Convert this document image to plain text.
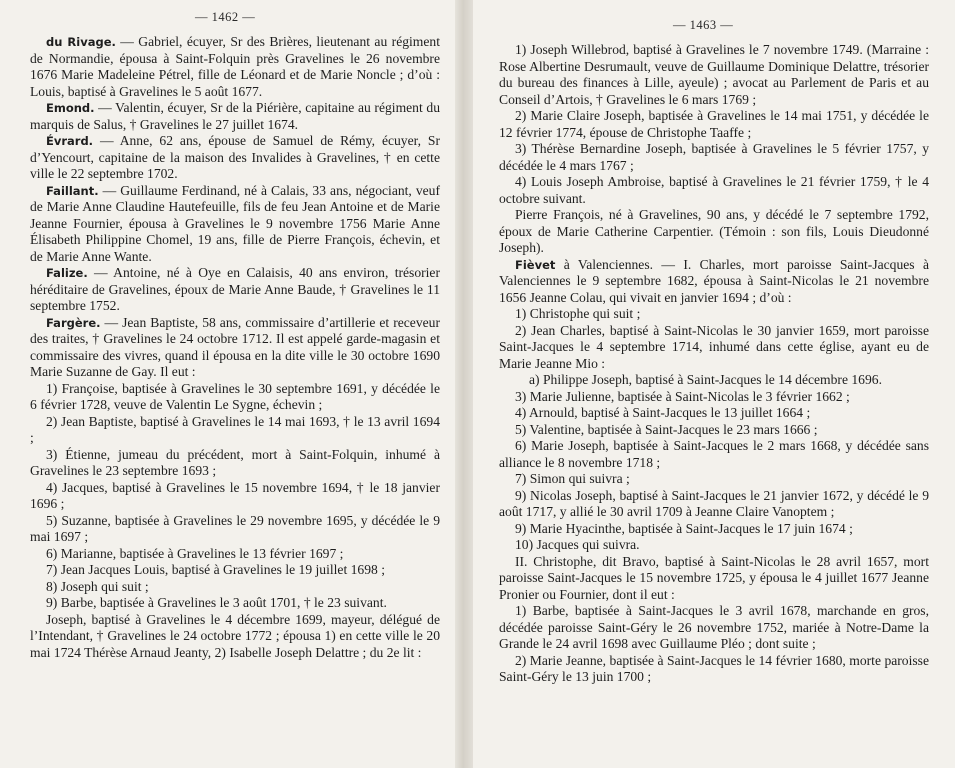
— 1462 —

du Rivage. — Gabriel, écuyer, Sr des Brières, lieutenant au régiment de Normandie, épousa à Saint-Folquin près Gravelines le 26 novembre 1676 Marie Madeleine Pétrel, fille de Léonard et de Marie Noncle ; d’où : Louis, baptisé à Gravelines le 5 août 1677.

Emond. — Valentin, écuyer, Sr de la Piérière, capitaine au régiment du marquis de Salus, † Gravelines le 27 juillet 1674.

Évrard. — Anne, 62 ans, épouse de Samuel de Rémy, écuyer, Sr d’Yencourt, capitaine de la maison des Invalides à Gravelines, † en cette ville le 22 septembre 1702.

Faillant. — Guillaume Ferdinand, né à Calais, 33 ans, négociant, veuf de Marie Anne Claudine Hautefeuille, fils de feu Jean Antoine et de Marie Jeanne Fournier, épousa à Gravelines le 9 novembre 1756 Marie Anne Élisabeth Philippine Chomel, 19 ans, fille de Pierre François, échevin, et de Marie Anne Wante.

Falize. — Antoine, né à Oye en Calaisis, 40 ans environ, trésorier héréditaire de Gravelines, époux de Marie Anne Baude, † Gravelines le 11 septembre 1752.

Fargère. — Jean Baptiste, 58 ans, commissaire d’artillerie et receveur des traites, † Gravelines le 24 octobre 1712. Il est appelé garde-magasin et commissaire des vivres, quand il épousa en la dite ville le 30 octobre 1690 Marie Suzanne de Gay. Il eut :

1) Françoise, baptisée à Gravelines le 30 septembre 1691, y décédée le 6 février 1728, veuve de Valentin Le Sygne, échevin ;

2) Jean Baptiste, baptisé à Gravelines le 14 mai 1693, † le 13 avril 1694 ;

3) Étienne, jumeau du précédent, mort à Saint-Folquin, inhumé à Gravelines le 23 septembre 1693 ;

4) Jacques, baptisé à Gravelines le 15 novembre 1694, † le 18 janvier 1696 ;

5) Suzanne, baptisée à Gravelines le 29 novembre 1695, y décédée le 9 mai 1697 ;

6) Marianne, baptisée à Gravelines le 13 février 1697 ;

7) Jean Jacques Louis, baptisé à Gravelines le 19 juillet 1698 ;

8) Joseph qui suit ;

9) Barbe, baptisée à Gravelines le 3 août 1701, † le 23 suivant.

Joseph, baptisé à Gravelines le 4 décembre 1699, mayeur, délégué de l’Intendant, † Gravelines le 24 octobre 1772 ; épousa 1) en cette ville le 20 mai 1724 Thérèse Arnaud Jeanty, 2) Isabelle Joseph Delattre ; du 2e lit :

— 1463 —

1) Joseph Willebrod, baptisé à Gravelines le 7 novembre 1749. (Marraine : Rose Albertine Desrumault, veuve de Guillaume Dominique Delattre, trésorier du bureau des finances à Lille, ayeule) ; avocat au Parlement de Paris et au Conseil d’Artois, † Gravelines le 6 mars 1769 ;

2) Marie Claire Joseph, baptisée à Gravelines le 14 mai 1751, y décédée le 12 février 1774, épouse de Christophe Taaffe ;

3) Thérèse Bernardine Joseph, baptisée à Gravelines le 5 février 1757, y décédée le 4 mars 1767 ;

4) Louis Joseph Ambroise, baptisé à Gravelines le 21 février 1759, † le 4 octobre suivant.

Pierre François, né à Gravelines, 90 ans, y décédé le 7 septembre 1792, époux de Marie Catherine Carpentier. (Témoin : son fils, Louis Dieudonné Joseph).

Fièvet à Valenciennes. — I. Charles, mort paroisse Saint-Jacques à Valenciennes le 9 septembre 1682, épousa à Saint-Nicolas le 21 novembre 1656 Jeanne Colau, qui vivait en janvier 1694 ; d’où :

1) Christophe qui suit ;

2) Jean Charles, baptisé à Saint-Nicolas le 30 janvier 1659, mort paroisse Saint-Jacques le 4 septembre 1714, inhumé dans cette église, ayant eu de Marie Jeanne Mio :

a) Philippe Joseph, baptisé à Saint-Jacques le 14 décembre 1696.

3) Marie Julienne, baptisée à Saint-Nicolas le 3 février 1662 ;

4) Arnould, baptisé à Saint-Jacques le 13 juillet 1664 ;

5) Valentine, baptisée à Saint-Jacques le 23 mars 1666 ;

6) Marie Joseph, baptisée à Saint-Jacques le 2 mars 1668, y décédée sans alliance le 8 novembre 1718 ;

7) Simon qui suivra ;

9) Nicolas Joseph, baptisé à Saint-Jacques le 21 janvier 1672, y décédé le 9 août 1717, y allié le 30 avril 1709 à Jeanne Claire Vanoptem ;

9) Marie Hyacinthe, baptisée à Saint-Jacques le 17 juin 1674 ;

10) Jacques qui suivra.

II. Christophe, dit Bravo, baptisé à Saint-Nicolas le 28 avril 1657, mort paroisse Saint-Jacques le 15 novembre 1725, y épousa le 4 juillet 1677 Jeanne Pronier ou Fournier, dont il eut :

1) Barbe, baptisée à Saint-Jacques le 3 avril 1678, marchande en gros, décédée paroisse Saint-Géry le 26 novembre 1752, mariée à Notre-Dame la Grande le 24 avril 1698 avec Guillaume Pléo ; dont suite ;

2) Marie Jeanne, baptisée à Saint-Jacques le 14 février 1680, morte paroisse Saint-Géry le 13 juin 1700 ;
